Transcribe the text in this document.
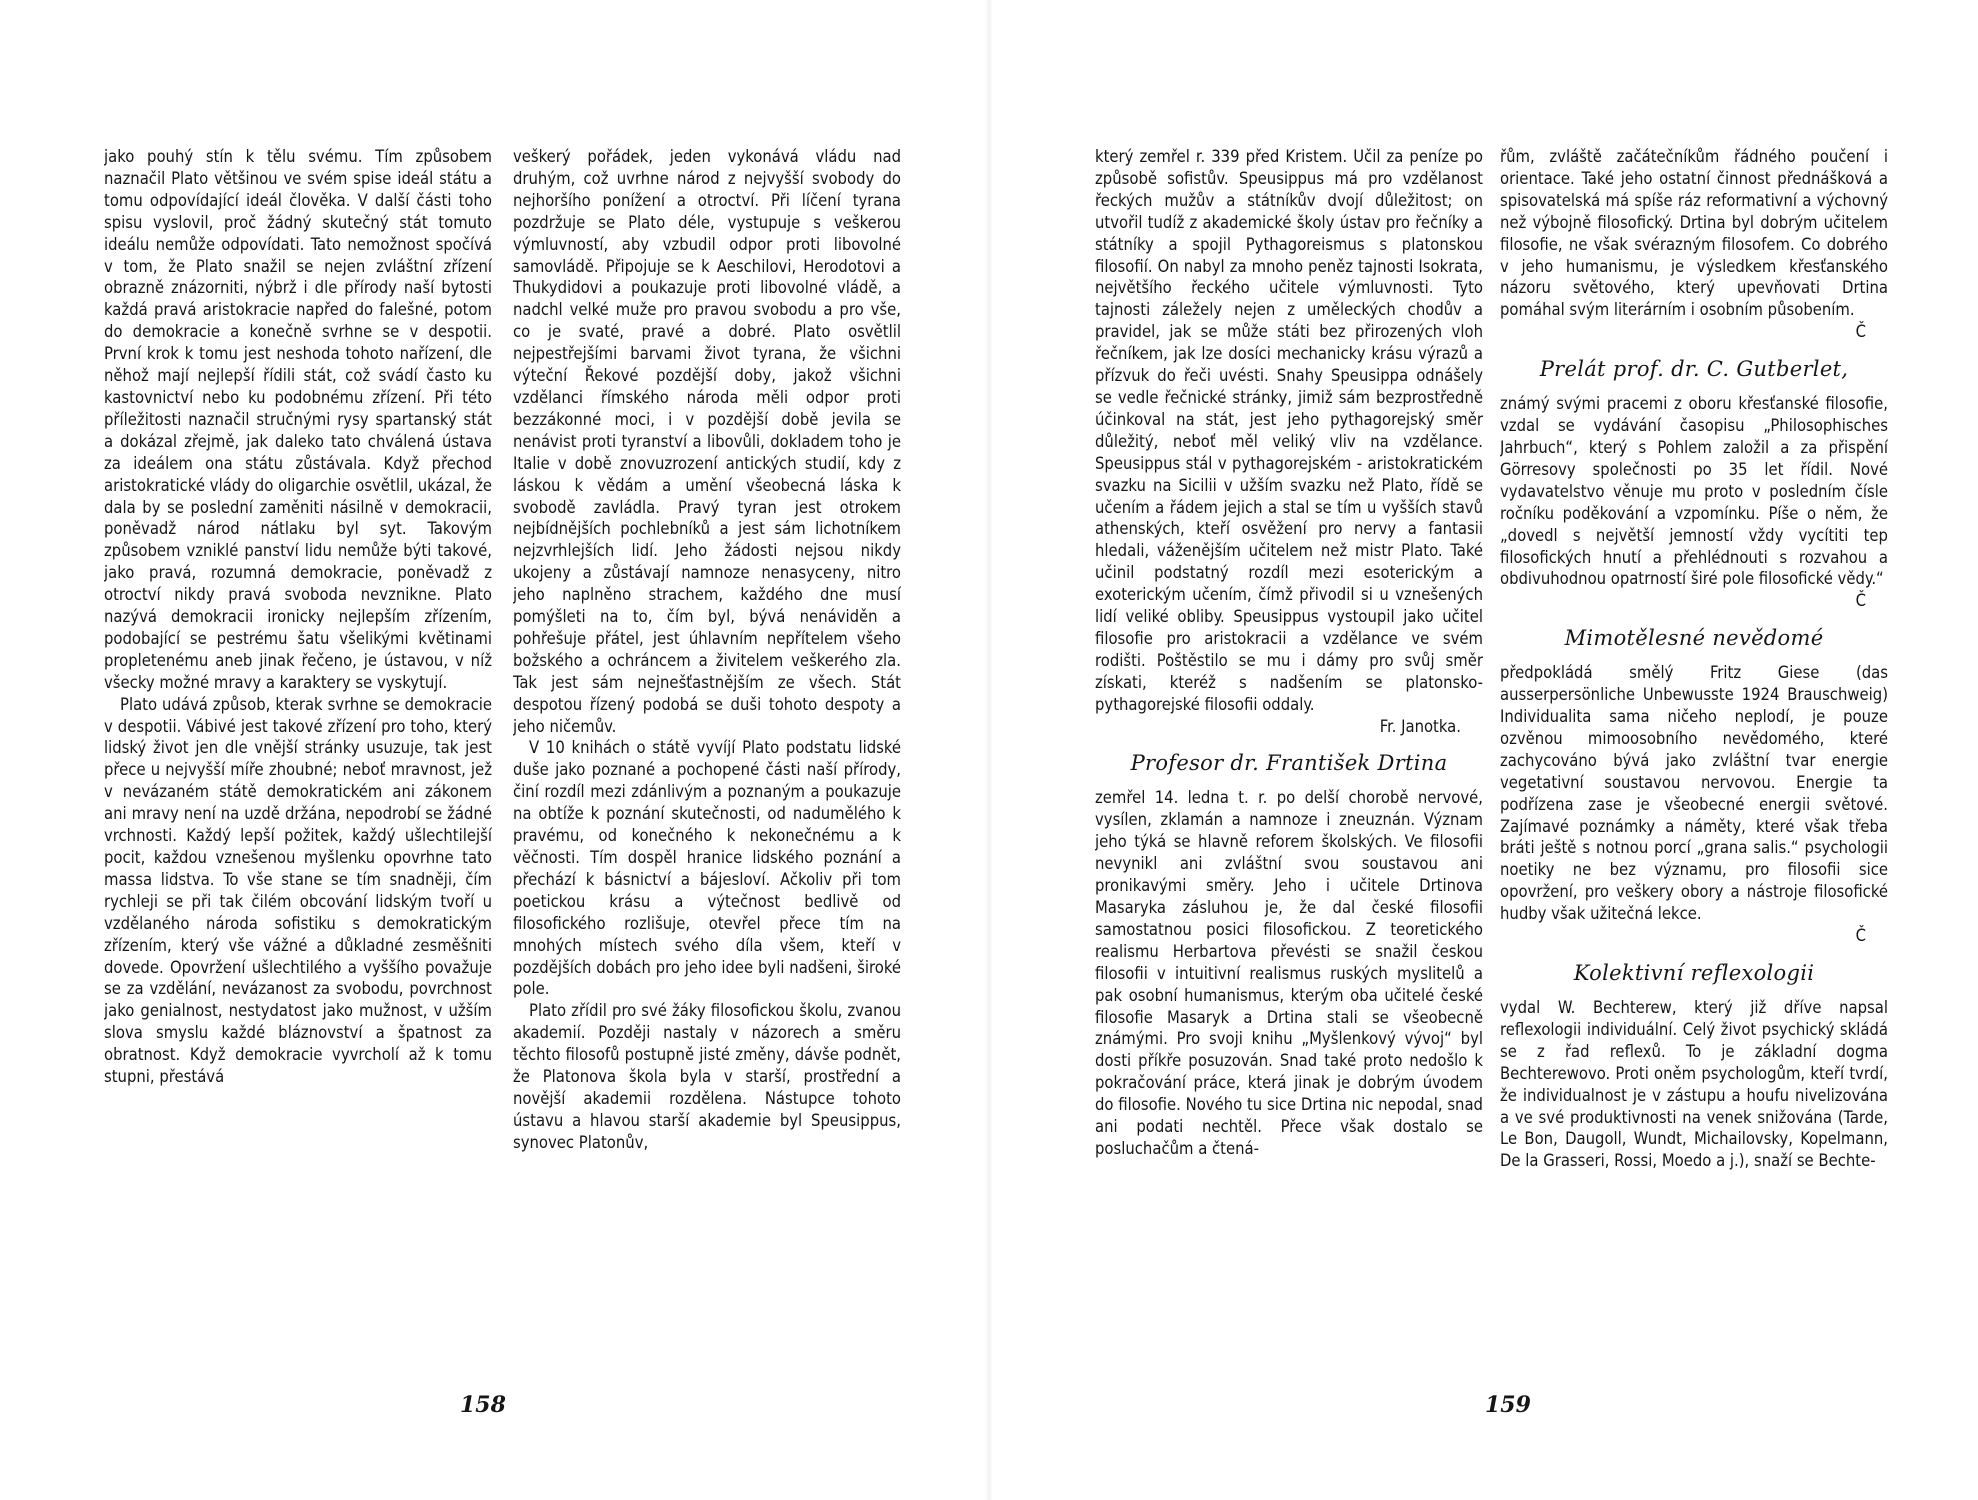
jako pouhý stín k tělu svému. Tím způsobem naznačil Plato většinou ve svém spise ideál státu a tomu odpovídající ideál člověka. V další části toho spisu vyslovil, proč žádný skutečný stát tomuto ideálu nemůže odpovídati. Tato nemožnost spočívá v tom, že Plato snažil se nejen zvláštní zřízení obrazně znázorniti, nýbrž i dle přírody naší bytosti každá pravá aristokracie napřed do falešné, potom do demokracie a konečně svrhne se v despotii. První krok k tomu jest neshoda tohoto nařízení, dle něhož mají nejlepší řídili stát, což svádí často ku kastovnictví nebo ku podobnému zřízení. Při této příležitosti naznačil stručnými rysy spartanský stát a dokázal zřejmě, jak daleko tato chválená ústava za ideálem ona státu zůstávala. Když přechod aristokratické vlády do oligarchie osvětlil, ukázal, že dala by se poslední zaměniti násilně v demokracii, poněvadž národ nátlaku byl syt. Takovým způsobem vzniklé panství lidu nemůže býti takové, jako pravá, rozumná demokracie, poněvadž z otroctví nikdy pravá svoboda nevznikne. Plato nazývá demokracii ironicky nejlepším zřízením, podobající se pestrému šatu všelikými květinami propletenému aneb jinak řečeno, je ústavou, v níž všecky možné mravy a karaktery se vyskytují.

Plato udává způsob, kterak svrhne se demokracie v despotii. Vábivé jest takové zřízení pro toho, který lidský život jen dle vnější stránky usuzuje, tak jest přece u nejvyšší míře zhoubné; neboť mravnost, jež v nevázaném státě demokratickém ani zákonem ani mravy není na uzdě držána, nepodrobí se žádné vrchnosti. Každý lepší požitek, každý ušlechtilejší pocit, každou vznešenou myšlenku opovrhne tato massa lidstva. To vše stane se tím snadněji, čím rychleji se při tak čilém obcování lidským tvoří u vzdělaného národa sofistiku s demokratickým zřízením, který vše vážné a důkladné zesměšniti dovede. Opovržení ušlechtilého a vyššího považuje se za vzdělání, nevázanost za svobodu, povrchnost jako genialnost, nestydatost jako mužnost, v užším slova smyslu každé bláznovství a špatnost za obratnost. Když demokracie vyvrcholí až k tomu stupni, přestává

veškerý pořádek, jeden vykonává vládu nad druhým, což uvrhne národ z nejvyšší svobody do nejhoršího ponížení a otroctví. Při líčení tyrana pozdržuje se Plato déle, vystupuje s veškerou výmluvností, aby vzbudil odpor proti libovolné samovládě. Připojuje se k Aeschilovi, Herodotovi a Thukydidovi a poukazuje proti libovolné vládě, a nadchl velké muže pro pravou svobodu a pro vše, co je svaté, pravé a dobré. Plato osvětlil nejpestřejšími barvami život tyrana, že všichni výteční Řekové pozdější doby, jakož všichni vzdělanci římského národa měli odpor proti bezzákonné moci, i v pozdější době jevila se nenávist proti tyranství a libovůli, dokladem toho je Italie v době znovuzrození antických studií, kdy z láskou k vědám a umění všeobecná láska k svobodě zavládla. Pravý tyran jest otrokem nejbídnějších pochlebníků a jest sám lichotníkem nejzvrhlejších lidí. Jeho žádosti nejsou nikdy ukojeny a zůstávají namnoze nenasyceny, nitro jeho naplněno strachem, každého dne musí pomýšleti na to, čím byl, bývá nenáviděn a pohřešuje přátel, jest úhlavním nepřítelem všeho božského a ochráncem a živitelem veškerého zla. Tak jest sám nejnešťastnějším ze všech. Stát despotou řízený podobá se duši tohoto despoty a jeho ničemův.

V 10 knihách o státě vyvíjí Plato podstatu lidské duše jako poznané a pochopené části naší přírody, činí rozdíl mezi zdánlivým a poznaným a poukazuje na obtíže k poznání skutečnosti, od nadumělého k pravému, od konečného k nekonečnému a k věčnosti. Tím dospěl hranice lidského poznání a přechází k básnictví a bájesloví. Ačkoliv při tom poetickou krásu a výtečnost bedlivě od filosofického rozlišuje, otevřel přece tím na mnohých místech svého díla všem, kteří v pozdějších dobách pro jeho idee byli nadšeni, široké pole.

Plato zřídil pro své žáky filosofickou školu, zvanou akademií. Později nastaly v názorech a směru těchto filosofů postupně jisté změny, dávše podnět, že Platonova škola byla v starší, prostřední a novější akademii rozdělena. Nástupce tohoto ústavu a hlavou starší akademie byl Speusippus, synovec Platonův,

158

který zemřel r. 339 před Kristem. Učil za peníze po způsobě sofistův. Speusippus má pro vzdělanost řeckých mužův a státníkův dvojí důležitost; on utvořil tudíž z akademické školy ústav pro řečníky a státníky a spojil Pythagoreismus s platonskou filosofií. On nabyl za mnoho peněz tajnosti Isokrata, největšího řeckého učitele výmluvnosti. Tyto tajnosti záležely nejen z uměleckých chodův a pravidel, jak se může státi bez přirozených vloh řečníkem, jak lze dosíci mechanicky krásu výrazů a přízvuk do řeči uvésti. Snahy Speusippa odnášely se vedle řečnické stránky, jimiž sám bezprostředně účinkoval na stát, jest jeho pythagorejský směr důležitý, neboť měl veliký vliv na vzdělance. Speusippus stál v pythagorejském - aristokratickém svazku na Sicilii v užším svazku než Plato, řídě se učením a řádem jejich a stal se tím u vyšších stavů athenských, kteří osvěžení pro nervy a fantasii hledali, váženějším učitelem než mistr Plato. Také učinil podstatný rozdíl mezi esoterickým a exoterickým učením, čímž přivodil si u vznešených lidí veliké obliby. Speusippus vystoupil jako učitel filosofie pro aristokracii a vzdělance ve svém rodišti. Poštěstilo se mu i dámy pro svůj směr získati, kteréž s nadšením se platonsko-pythagorejské filosofii oddaly.

Fr. Janotka.

Profesor dr. František Drtina

zemřel 14. ledna t. r. po delší chorobě nervové, vysílen, zklamán a namnoze i zneuznán. Význam jeho týká se hlavně reforem školských. Ve filosofii nevynikl ani zvláštní svou soustavou ani pronikavými směry. Jeho i učitele Drtinova Masaryka zásluhou je, že dal české filosofii samostatnou posici filosofickou. Z teoretického realismu Herbartova převésti se snažil českou filosofii v intuitivní realismus ruských myslitelů a pak osobní humanismus, kterým oba učitelé české filosofie Masaryk a Drtina stali se všeobecně známými. Pro svoji knihu „Myšlenkový vývoj“ byl dosti příkře posuzován. Snad také proto nedošlo k pokračování práce, která jinak je dobrým úvodem do filosofie. Nového tu sice Drtina nic nepodal, snad ani podati nechtěl. Přece však dostalo se posluchačům a čtená-

řům, zvláště začátečníkům řádného poučení i orientace. Také jeho ostatní činnost přednášková a spisovatelská má spíše ráz reformativní a výchovný než výbojně filosofický. Drtina byl dobrým učitelem filosofie, ne však svérazným filosofem. Co dobrého v jeho humanismu, je výsledkem křesťanského názoru světového, který upevňovati Drtina pomáhal svým literárním i osobním působením.

Č

Prelát prof. dr. C. Gutberlet,

známý svými pracemi z oboru křesťanské filosofie, vzdal se vydávání časopisu „Philosophisches Jahrbuch“, který s Pohlem založil a za přispění Görresovy společnosti po 35 let řídil. Nové vydavatelstvo věnuje mu proto v posledním čísle ročníku poděkování a vzpomínku. Píše o něm, že „dovedl s největší jemností vždy vycítiti tep filosofických hnutí a přehlédnouti s rozvahou a obdivuhodnou opatrností širé pole filosofické vědy.“

Č

Mimotělesné nevědomé

předpokládá smělý Fritz Giese (das ausserpersönliche Unbewusste 1924 Brauschweig) Individualita sama ničeho neplodí, je pouze ozvěnou mimoosobního nevědomého, které zachycováno bývá jako zvláštní tvar energie vegetativní soustavou nervovou. Energie ta podřízena zase je všeobecné energii světové. Zajímavé poznámky a náměty, které však třeba bráti ještě s notnou porcí „grana salis.“ psychologii noetiky ne bez významu, pro filosofii sice opovržení, pro veškery obory a nástroje filosofické hudby však užitečná lekce.

Č

Kolektivní reflexologii

vydal W. Bechterew, který již dříve napsal reflexologii individuální. Celý život psychický skládá se z řad reflexů. To je základní dogma Bechterewovo. Proti oněm psychologům, kteří tvrdí, že individualnost je v zástupu a houfu nivelizována a ve své produktivnosti na venek snižována (Tarde, Le Bon, Daugoll, Wundt, Michailovsky, Kopelmann, De la Grasseri, Rossi, Moedo a j.), snaží se Bechte-

159
